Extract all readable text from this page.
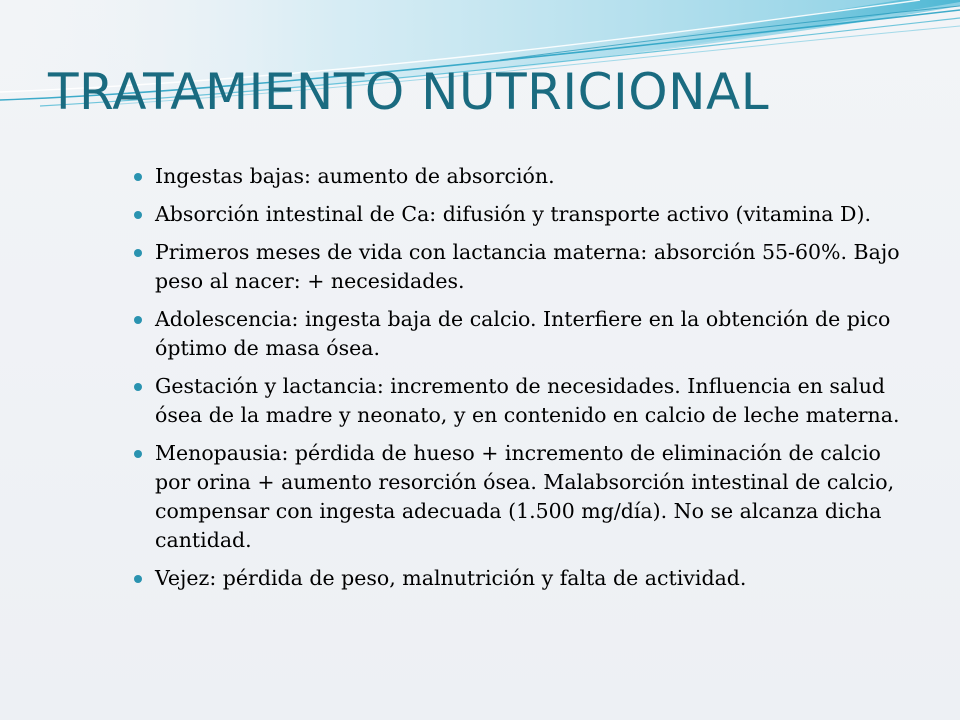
TRATAMIENTO NUTRICIONAL
Ingestas bajas: aumento de absorción.
Absorción intestinal de Ca: difusión y transporte activo (vitamina D).
Primeros meses de vida con lactancia materna: absorción 55-60%. Bajo peso al nacer: + necesidades.
Adolescencia: ingesta baja de calcio. Interfiere en la obtención de pico óptimo de masa ósea.
Gestación y lactancia: incremento de necesidades. Influencia en salud ósea de la madre y neonato, y en contenido en calcio de leche materna.
Menopausia: pérdida de hueso + incremento de eliminación de calcio por orina + aumento resorción ósea. Malabsorción intestinal de calcio, compensar con ingesta adecuada (1.500 mg/día). No se alcanza dicha cantidad.
Vejez: pérdida de peso, malnutrición y falta de actividad.
